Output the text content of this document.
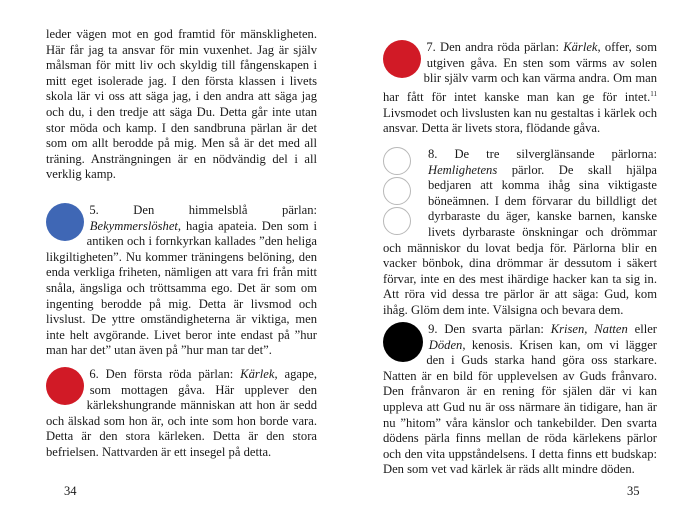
leder vägen mot en god framtid för mänskligheten. Här får jag ta ansvar för min vuxenhet. Jag är själv målsman för mitt liv och skyldig till fångenskapen i mitt eget isolerade jag. I den första klassen i livets skola lär vi oss att säga jag, i den andra att säga jag och du, i den tredje att säga Du. Detta går inte utan stor möda och kamp. I den sandbruna pärlan är det som om allt berodde på mig. Men så är det med all träning. Ansträngningen är en nödvändig del i all verklig kamp.

5. Den himmelsblå pärlan: Bekymmerslöshet, hagia apateia. Den som i antiken och i fornkyrkan kallades ”den heliga likgiltigheten”. Nu kommer träningens belöning, den enda verkliga friheten, nämligen att vara fri från mitt snåla, ängsliga och tröttsamma ego. Det är som om ingenting berodde på mig. Detta är livsmod och livslust. De yttre omständigheterna är viktiga, men inte helt avgörande. Livet beror inte endast på ”hur man har det” utan även på ”hur man tar det”.

6. Den första röda pärlan: Kärlek, agape, som mottagen gåva. Här upplever den kärlekshungrande människan att hon är sedd och älskad som hon är, och inte som hon borde vara. Detta är den stora kärleken. Detta är den stora befrielsen. Nattvarden är ett insegel på detta.

34

7. Den andra röda pärlan: Kärlek, offer, som utgiven gåva. En sten som värms av solen blir själv varm och kan värma andra. Om man har fått för intet kanske man kan ge för intet.$^{11}$ Livsmodet och livslusten kan nu gestaltas i kärlek och ansvar. Detta är livets stora, flödande gåva.

8. De tre silverglänsande pärlorna: Hemlighetens pärlor. De skall hjälpa bedjaren att komma ihåg sina viktigaste böneämnen. I dem förvarar du billdligt det dyrbaraste du äger, kanske barnen, kanske livets dyrbaraste önskningar och drömmar och människor du lovat bedja för. Pärlorna blir en vacker bönbok, dina drömmar är dessutom i säkert förvar, inte en des mest ihärdige hacker kan ta sig in. Att röra vid dessa tre pärlor är att säga: Gud, kom ihåg. Glöm dem inte. Välsigna och bevara dem.

9. Den svarta pärlan: Krisen, Natten eller Döden, kenosis. Krisen kan, om vi lägger den i Guds starka hand göra oss starkare. Natten är en bild för upplevelsen av Guds frånvaro. Den frånvaron är en rening för själen där vi kan uppleva att Gud nu är oss närmare än tidigare, han är nu ”hitom” våra känslor och tankebilder. Den svarta dödens pärla finns mellan de röda kärlekens pärlor och den vita uppståndelsens. I detta finns ett budskap: Den som vet vad kärlek är räds allt mindre döden.

35
